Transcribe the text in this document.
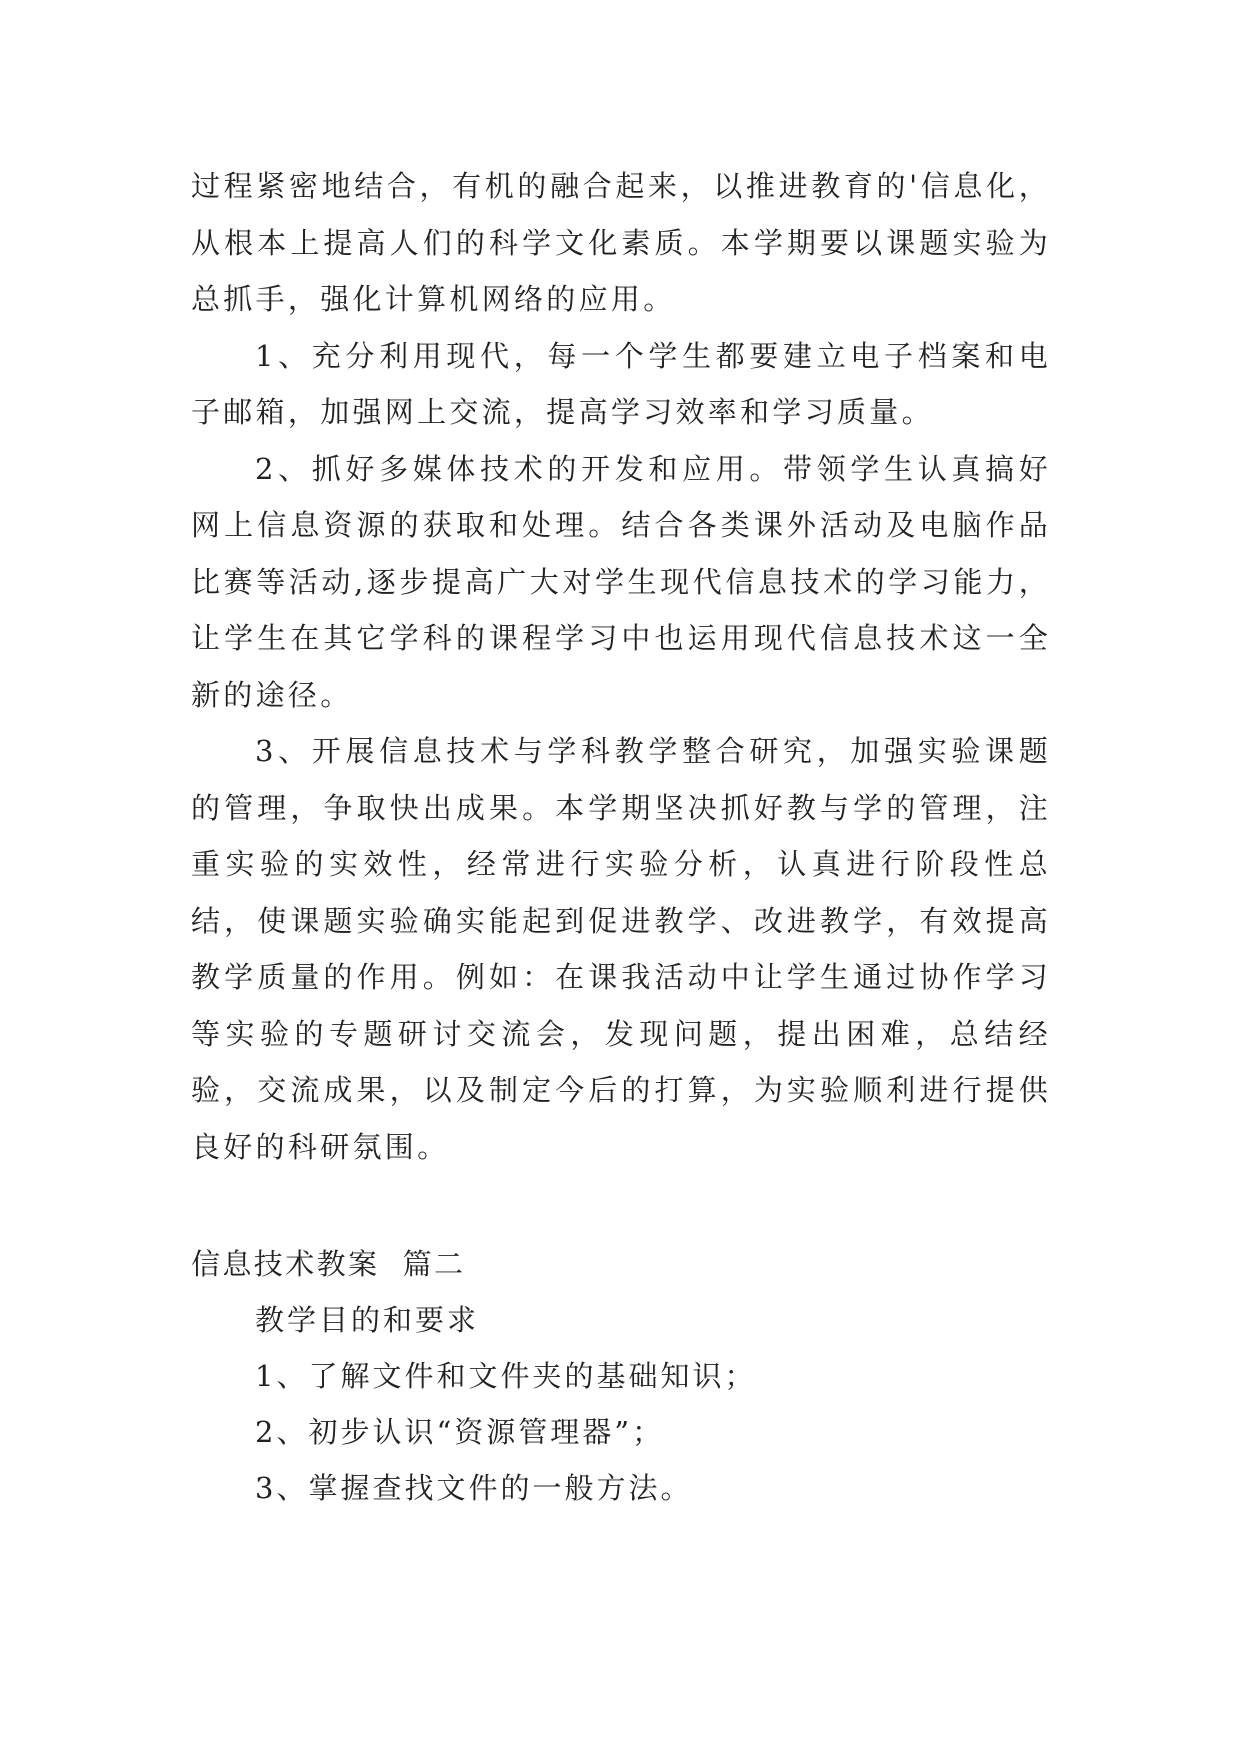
过程紧密地结合，有机的融合起来，以推进教育的'信息化，从根本上提高人们的科学文化素质。本学期要以课题实验为总抓手，强化计算机网络的应用。

1、充分利用现代，每一个学生都要建立电子档案和电子邮箱，加强网上交流，提高学习效率和学习质量。

2、抓好多媒体技术的开发和应用。带领学生认真搞好网上信息资源的获取和处理。结合各类课外活动及电脑作品比赛等活动,逐步提高广大对学生现代信息技术的学习能力，让学生在其它学科的课程学习中也运用现代信息技术这一全新的途径。

3、开展信息技术与学科教学整合研究，加强实验课题的管理，争取快出成果。本学期坚决抓好教与学的管理，注重实验的实效性，经常进行实验分析，认真进行阶段性总结，使课题实验确实能起到促进教学、改进教学，有效提高教学质量的作用。例如：在课我活动中让学生通过协作学习等实验的专题研讨交流会，发现问题，提出困难，总结经验，交流成果，以及制定今后的打算，为实验顺利进行提供良好的科研氛围。

信息技术教案  篇二

教学目的和要求

1、了解文件和文件夹的基础知识；

2、初步认识“资源管理器”；

3、掌握查找文件的一般方法。
